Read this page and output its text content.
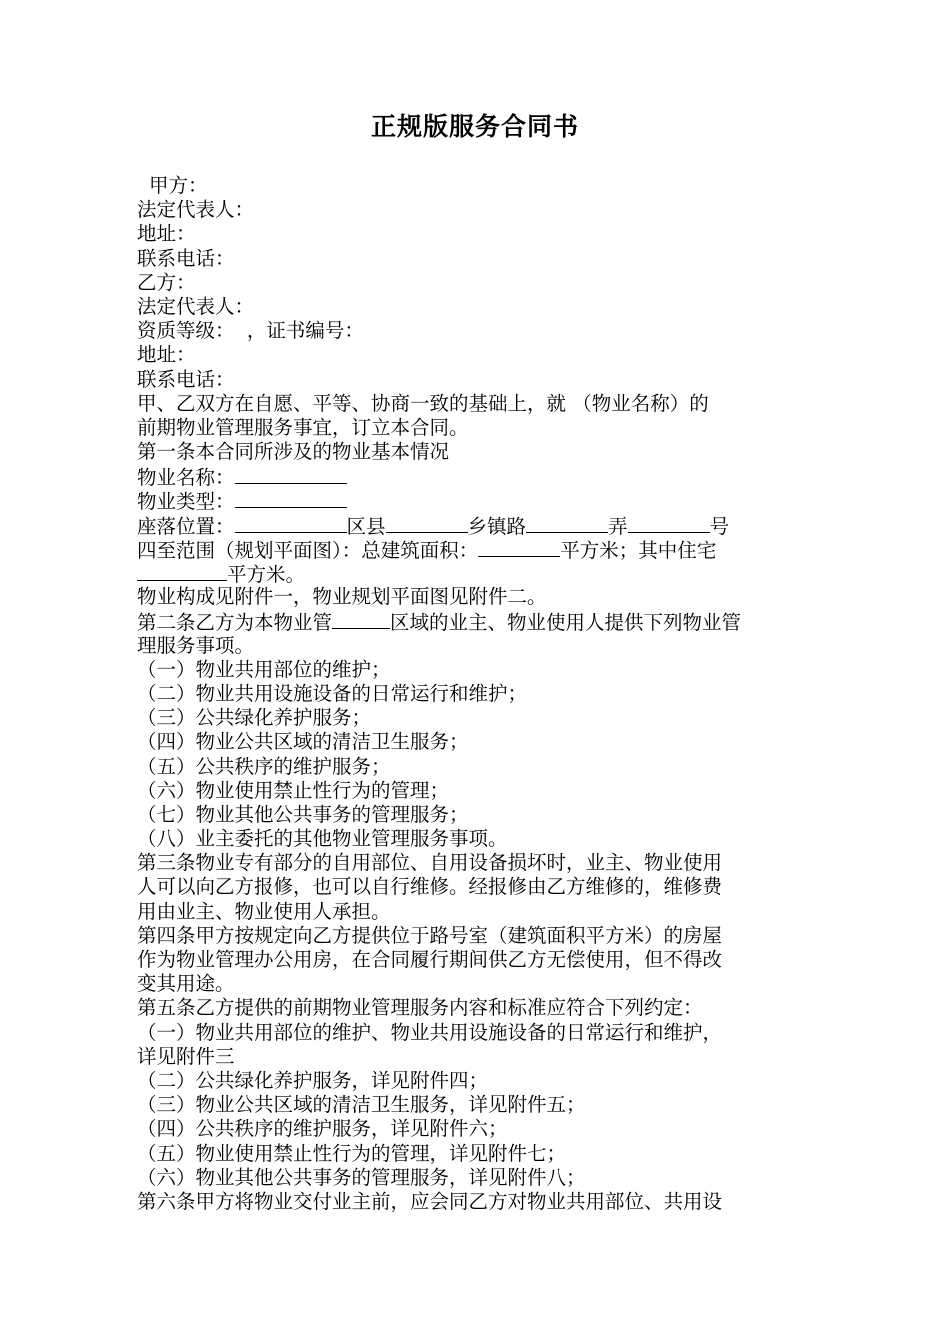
正规版服务合同书
甲方：
法定代表人：
地址：
联系电话：
乙方：
法定代表人：
资质等级：  ，证书编号：
地址：
联系电话：
甲、乙双方在自愿、平等、协商一致的基础上，就 （物业名称）的
前期物业管理服务事宜，订立本合同。
第一条本合同所涉及的物业基本情况
物业名称：
物业类型：
座落位置：	区县	乡镇路	弄	号
四至范围（规划平面图）：总建筑面积：	平方米；其中住宅
平方米。
物业构成见附件一，物业规划平面图见附件二。
第二条乙方为本物业管	区域的业主、物业使用人提供下列物业管
理服务事项。
（一）物业共用部位的维护；
（二）物业共用设施设备的日常运行和维护；
（三）公共绿化养护服务；
（四）物业公共区域的清洁卫生服务；
（五）公共秩序的维护服务；
（六）物业使用禁止性行为的管理；
（七）物业其他公共事务的管理服务；
（八）业主委托的其他物业管理服务事项。
第三条物业专有部分的自用部位、自用设备损坏时，业主、物业使用
人可以向乙方报修，也可以自行维修。经报修由乙方维修的，维修费
用由业主、物业使用人承担。
第四条甲方按规定向乙方提供位于路号室（建筑面积平方米）的房屋
作为物业管理办公用房，在合同履行期间供乙方无偿使用，但不得改
变其用途。
第五条乙方提供的前期物业管理服务内容和标准应符合下列约定：
（一）物业共用部位的维护、物业共用设施设备的日常运行和维护，
详见附件三
（二）公共绿化养护服务，详见附件四；
（三）物业公共区域的清洁卫生服务，详见附件五；
（四）公共秩序的维护服务，详见附件六；
（五）物业使用禁止性行为的管理，详见附件七；
（六）物业其他公共事务的管理服务，详见附件八；
第六条甲方将物业交付业主前，应会同乙方对物业共用部位、共用设
